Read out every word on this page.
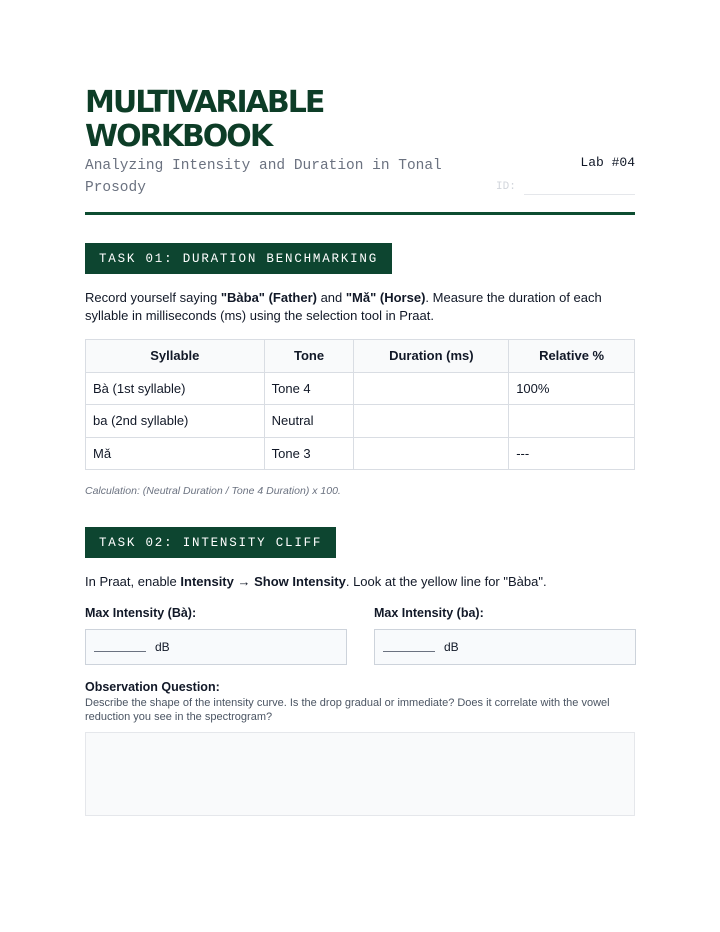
MULTIVARIABLE
WORKBOOK
Analyzing Intensity and Duration in Tonal Prosody
Lab #04
ID:
TASK 01: DURATION BENCHMARKING
Record yourself saying "Bàba" (Father) and "Mǎ" (Horse). Measure the duration of each syllable in milliseconds (ms) using the selection tool in Praat.
Syllable	Tone	Duration (ms)	Relative %
Bà (1st syllable)	Tone 4		100%
ba (2nd syllable)	Neutral		
Mǎ	Tone 3		---
Calculation: (Neutral Duration / Tone 4 Duration) x 100.
TASK 02: INTENSITY CLIFF
In Praat, enable Intensity → Show Intensity. Look at the yellow line for "Bàba".
Max Intensity (Bà):	Max Intensity (ba):
dB	dB
Observation Question:
Describe the shape of the intensity curve. Is the drop gradual or immediate? Does it correlate with the vowel reduction you see in the spectrogram?
